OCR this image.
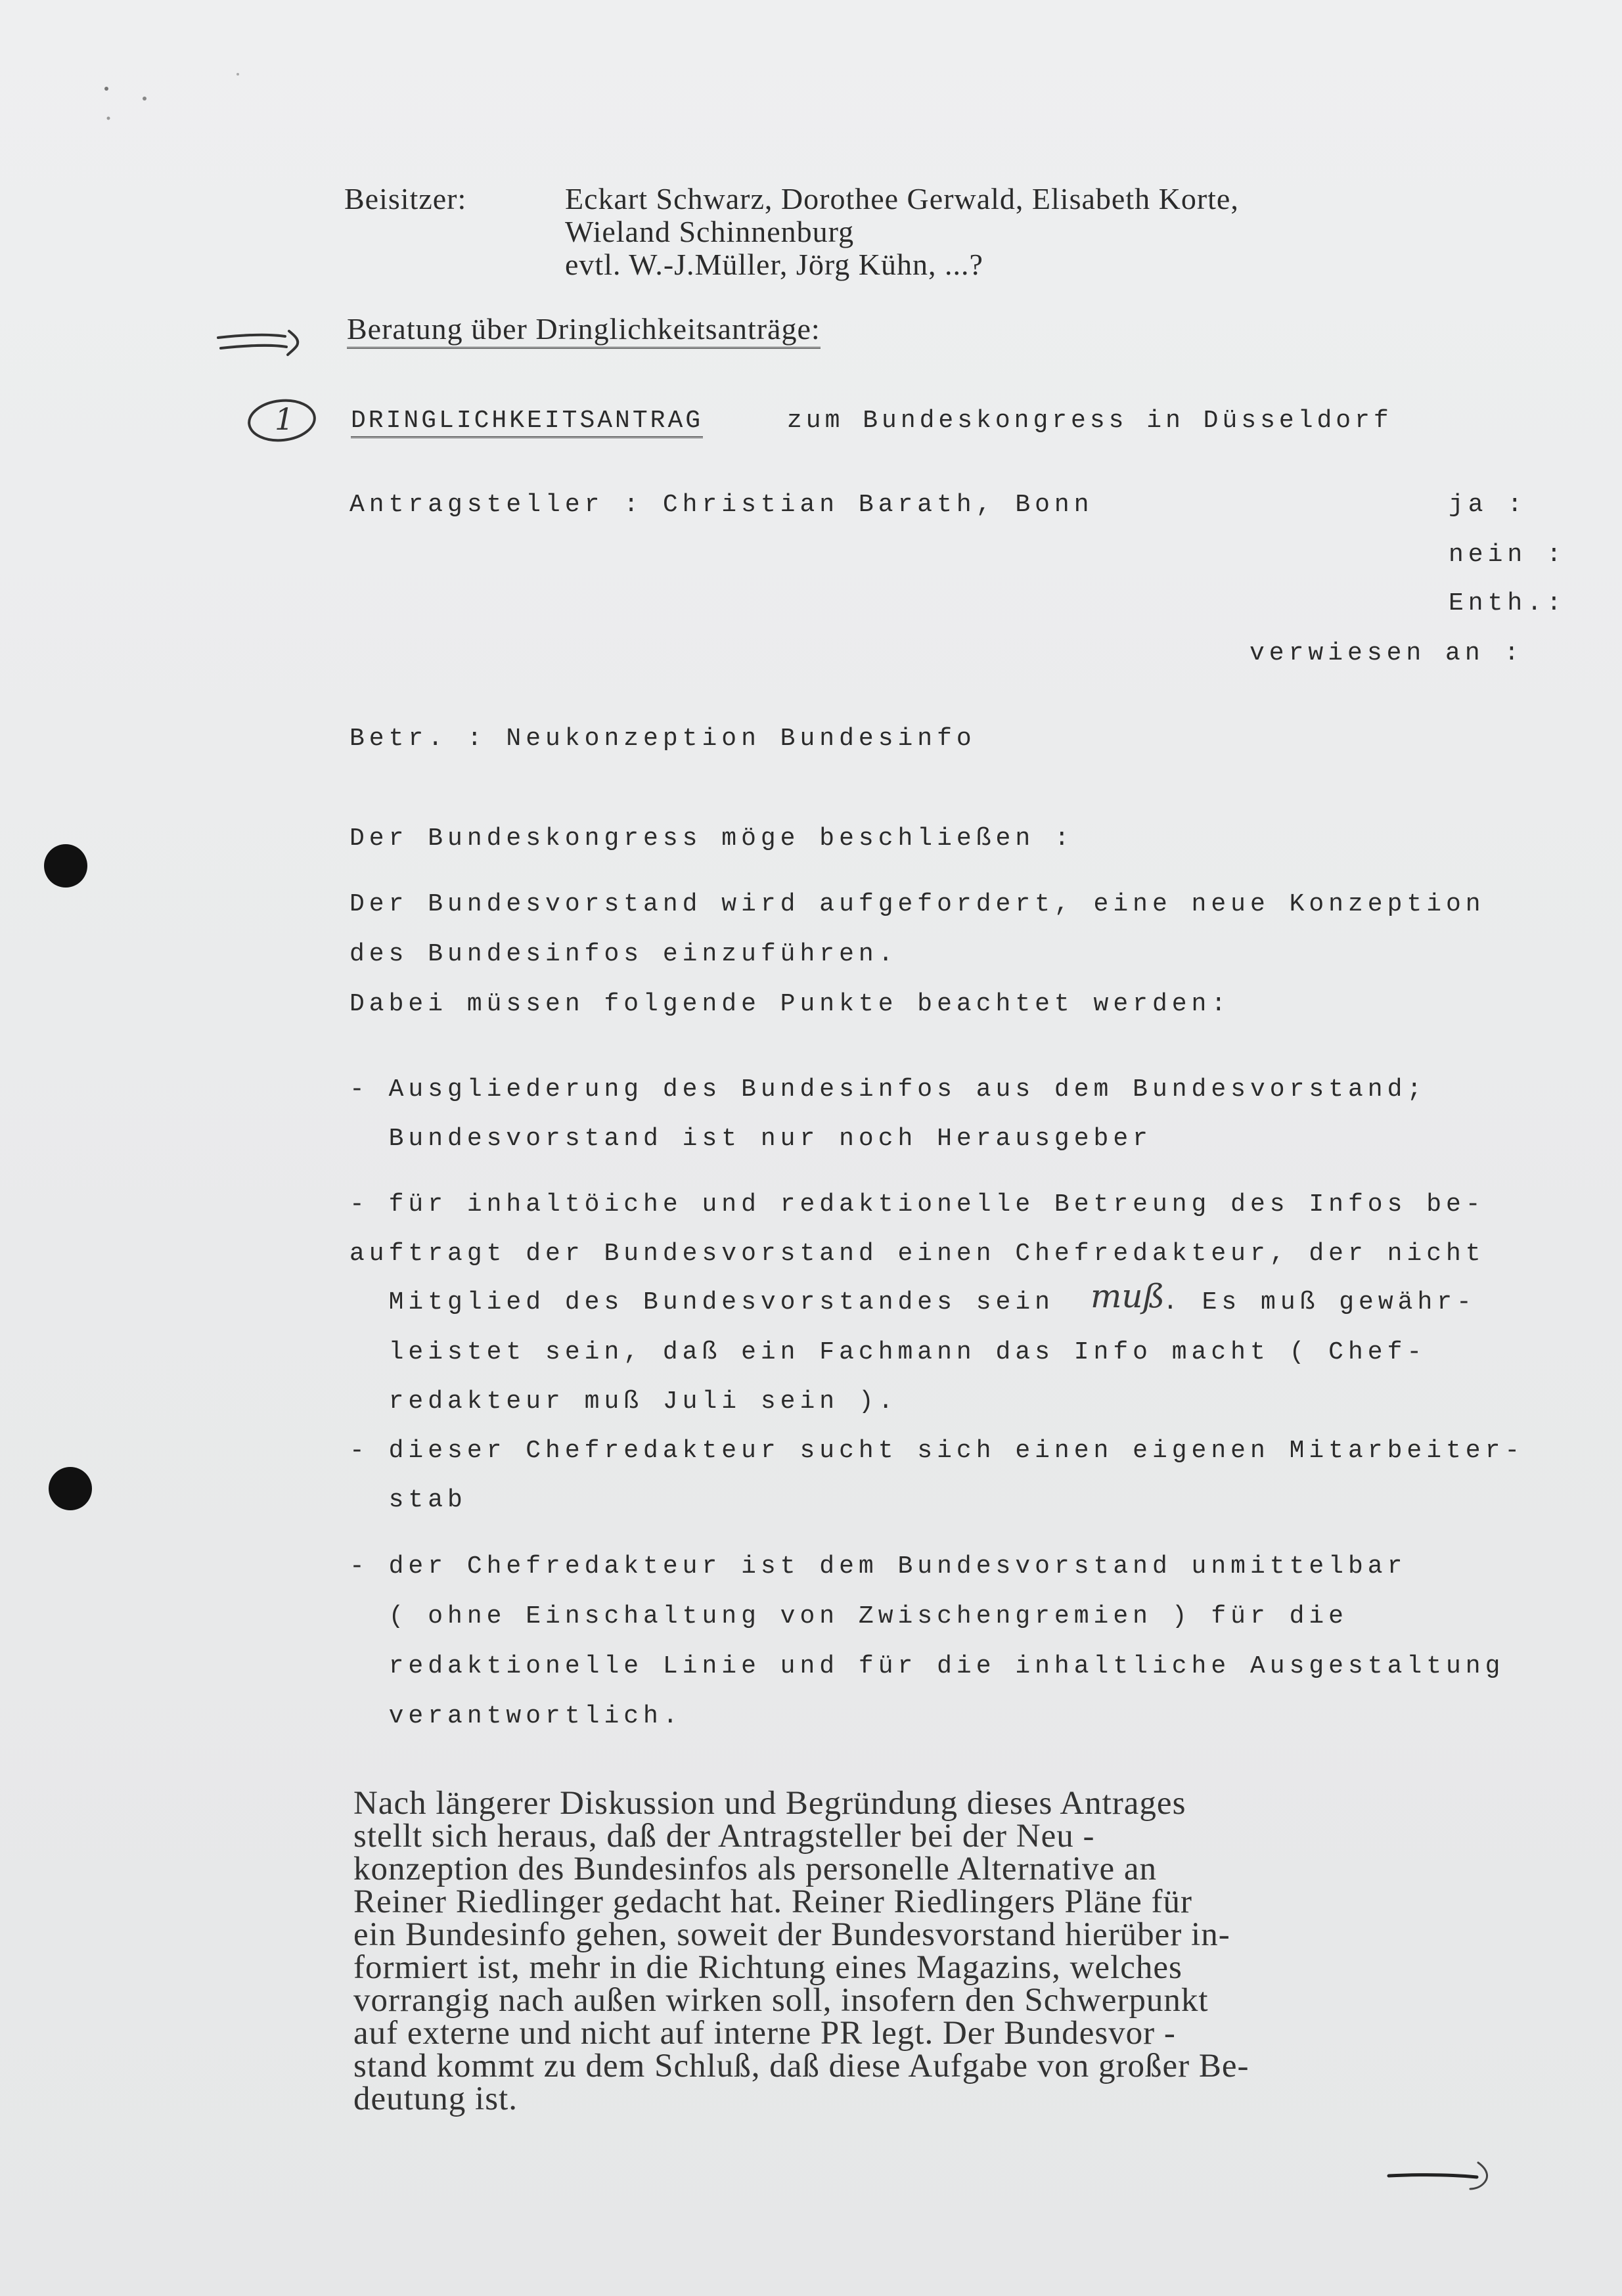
Beisitzer:	Eckart Schwarz, Dorothee Gerwald, Elisabeth Korte,
Wieland Schinnenburg
evtl. W.-J.Müller, Jörg Kühn, ...?
Beratung über Dringlichkeitsanträge:
1 DRINGLICHKEITSANTRAG	zum Bundeskongress in Düsseldorf
Antragsteller : Christian Barath, Bonn	ja :
nein :
Enth.:
verwiesen an :
Betr. : Neukonzeption Bundesinfo
Der Bundeskongress möge beschließen :
Der Bundesvorstand wird aufgefordert, eine neue Konzeption
des Bundesinfos einzuführen.
Dabei müssen folgende Punkte beachtet werden:
- Ausgliederung des Bundesinfos aus dem Bundesvorstand;
Bundesvorstand ist nur noch Herausgeber
- für inhaltöiche und redaktionelle Betreung des Infos be-
auftragt der Bundesvorstand einen Chefredakteur, der nicht
Mitglied des Bundesvorstandes sein muß
. Es muß gewähr-
leistet sein, daß ein Fachmann das Info macht ( Chef-
redakteur muß Juli sein ).
- dieser Chefredakteur sucht sich einen eigenen Mitarbeiter-
stab
- der Chefredakteur ist dem Bundesvorstand unmittelbar
( ohne Einschaltung von Zwischengremien ) für die
redaktionelle Linie und für die inhaltliche Ausgestaltung
verantwortlich.
Nach längerer Diskussion und Begründung dieses Antrages
stellt sich heraus, daß der Antragsteller bei der Neu -
konzeption des Bundesinfos als personelle Alternative an
Reiner Riedlinger gedacht hat. Reiner Riedlingers Pläne für
ein Bundesinfo gehen, soweit der Bundesvorstand hierüber in-
formiert ist, mehr in die Richtung eines Magazins, welches
vorrangig nach außen wirken soll, insofern den Schwerpunkt
auf externe und nicht auf interne PR legt. Der Bundesvor -
stand kommt zu dem Schluß, daß diese Aufgabe von großer Be-
deutung ist.
